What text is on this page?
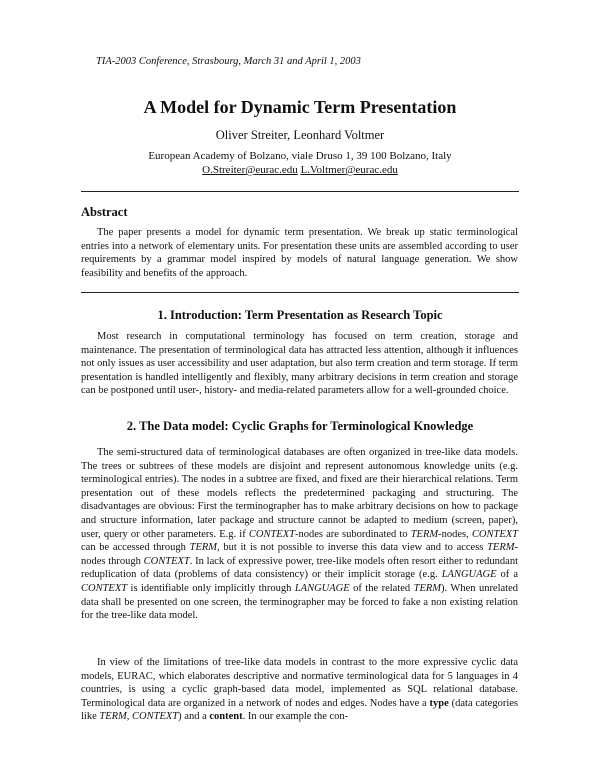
TIA-2003 Conference, Strasbourg, March 31 and April 1, 2003
A Model for Dynamic Term Presentation
Oliver Streiter, Leonhard Voltmer
European Academy of Bolzano, viale Druso 1, 39 100 Bolzano, Italy
O.Streiter@eurac.edu L.Voltmer@eurac.edu
Abstract

The paper presents a model for dynamic term presentation. We break up static terminological entries into a network of elementary units. For presentation these units are assembled according to user requirements by a grammar model inspired by models of natural language generation. We show feasibility and benefits of the approach.

1. Introduction: Term Presentation as Research Topic

Most research in computational terminology has focused on term creation, storage and maintenance. The presentation of terminological data has attracted less attention, although it influences not only issues as user accessibility and user adaptation, but also term creation and term storage. If term presentation is handled intelligently and flexibly, many arbitrary decisions in term creation and storage can be postponed until user-, history- and media-related parameters allow for a well-grounded choice.

2. The Data model: Cyclic Graphs for Terminological Knowledge

The semi-structured data of terminological databases are often organized in tree-like data models. The trees or subtrees of these models are disjoint and represent autonomous knowledge units (e.g. terminological entries). The nodes in a subtree are fixed, and fixed are their hierarchical relations. Term presentation out of these models reflects the predetermined packaging and structuring. The disadvantages are obvious: First the terminographer has to make arbitrary decisions on how to package and structure information, later package and structure cannot be adapted to medium (screen, paper), user, query or other parameters. E.g. if CONTEXT-nodes are subordinated to TERM-nodes, CONTEXT can be accessed through TERM, but it is not possible to inverse this data view and to access TERM-nodes through CONTEXT. In lack of expressive power, tree-like models often resort either to redundant reduplication of data (problems of data consistency) or their implicit storage (e.g. LANGUAGE of a CONTEXT is identifiable only implicitly through LANGUAGE of the related TERM). When unrelated data shall be presented on one screen, the terminographer may be forced to fake a non existing relation for the tree-like data model.

In view of the limitations of tree-like data models in contrast to the more expressive cyclic data models, EURAC, which elaborates descriptive and normative terminological data for 5 languages in 4 countries, is using a cyclic graph-based data model, implemented as SQL relational database. Terminological data are organized in a network of nodes and edges. Nodes have a type (data categories like TERM, CONTEXT) and a content. In our example the con-
